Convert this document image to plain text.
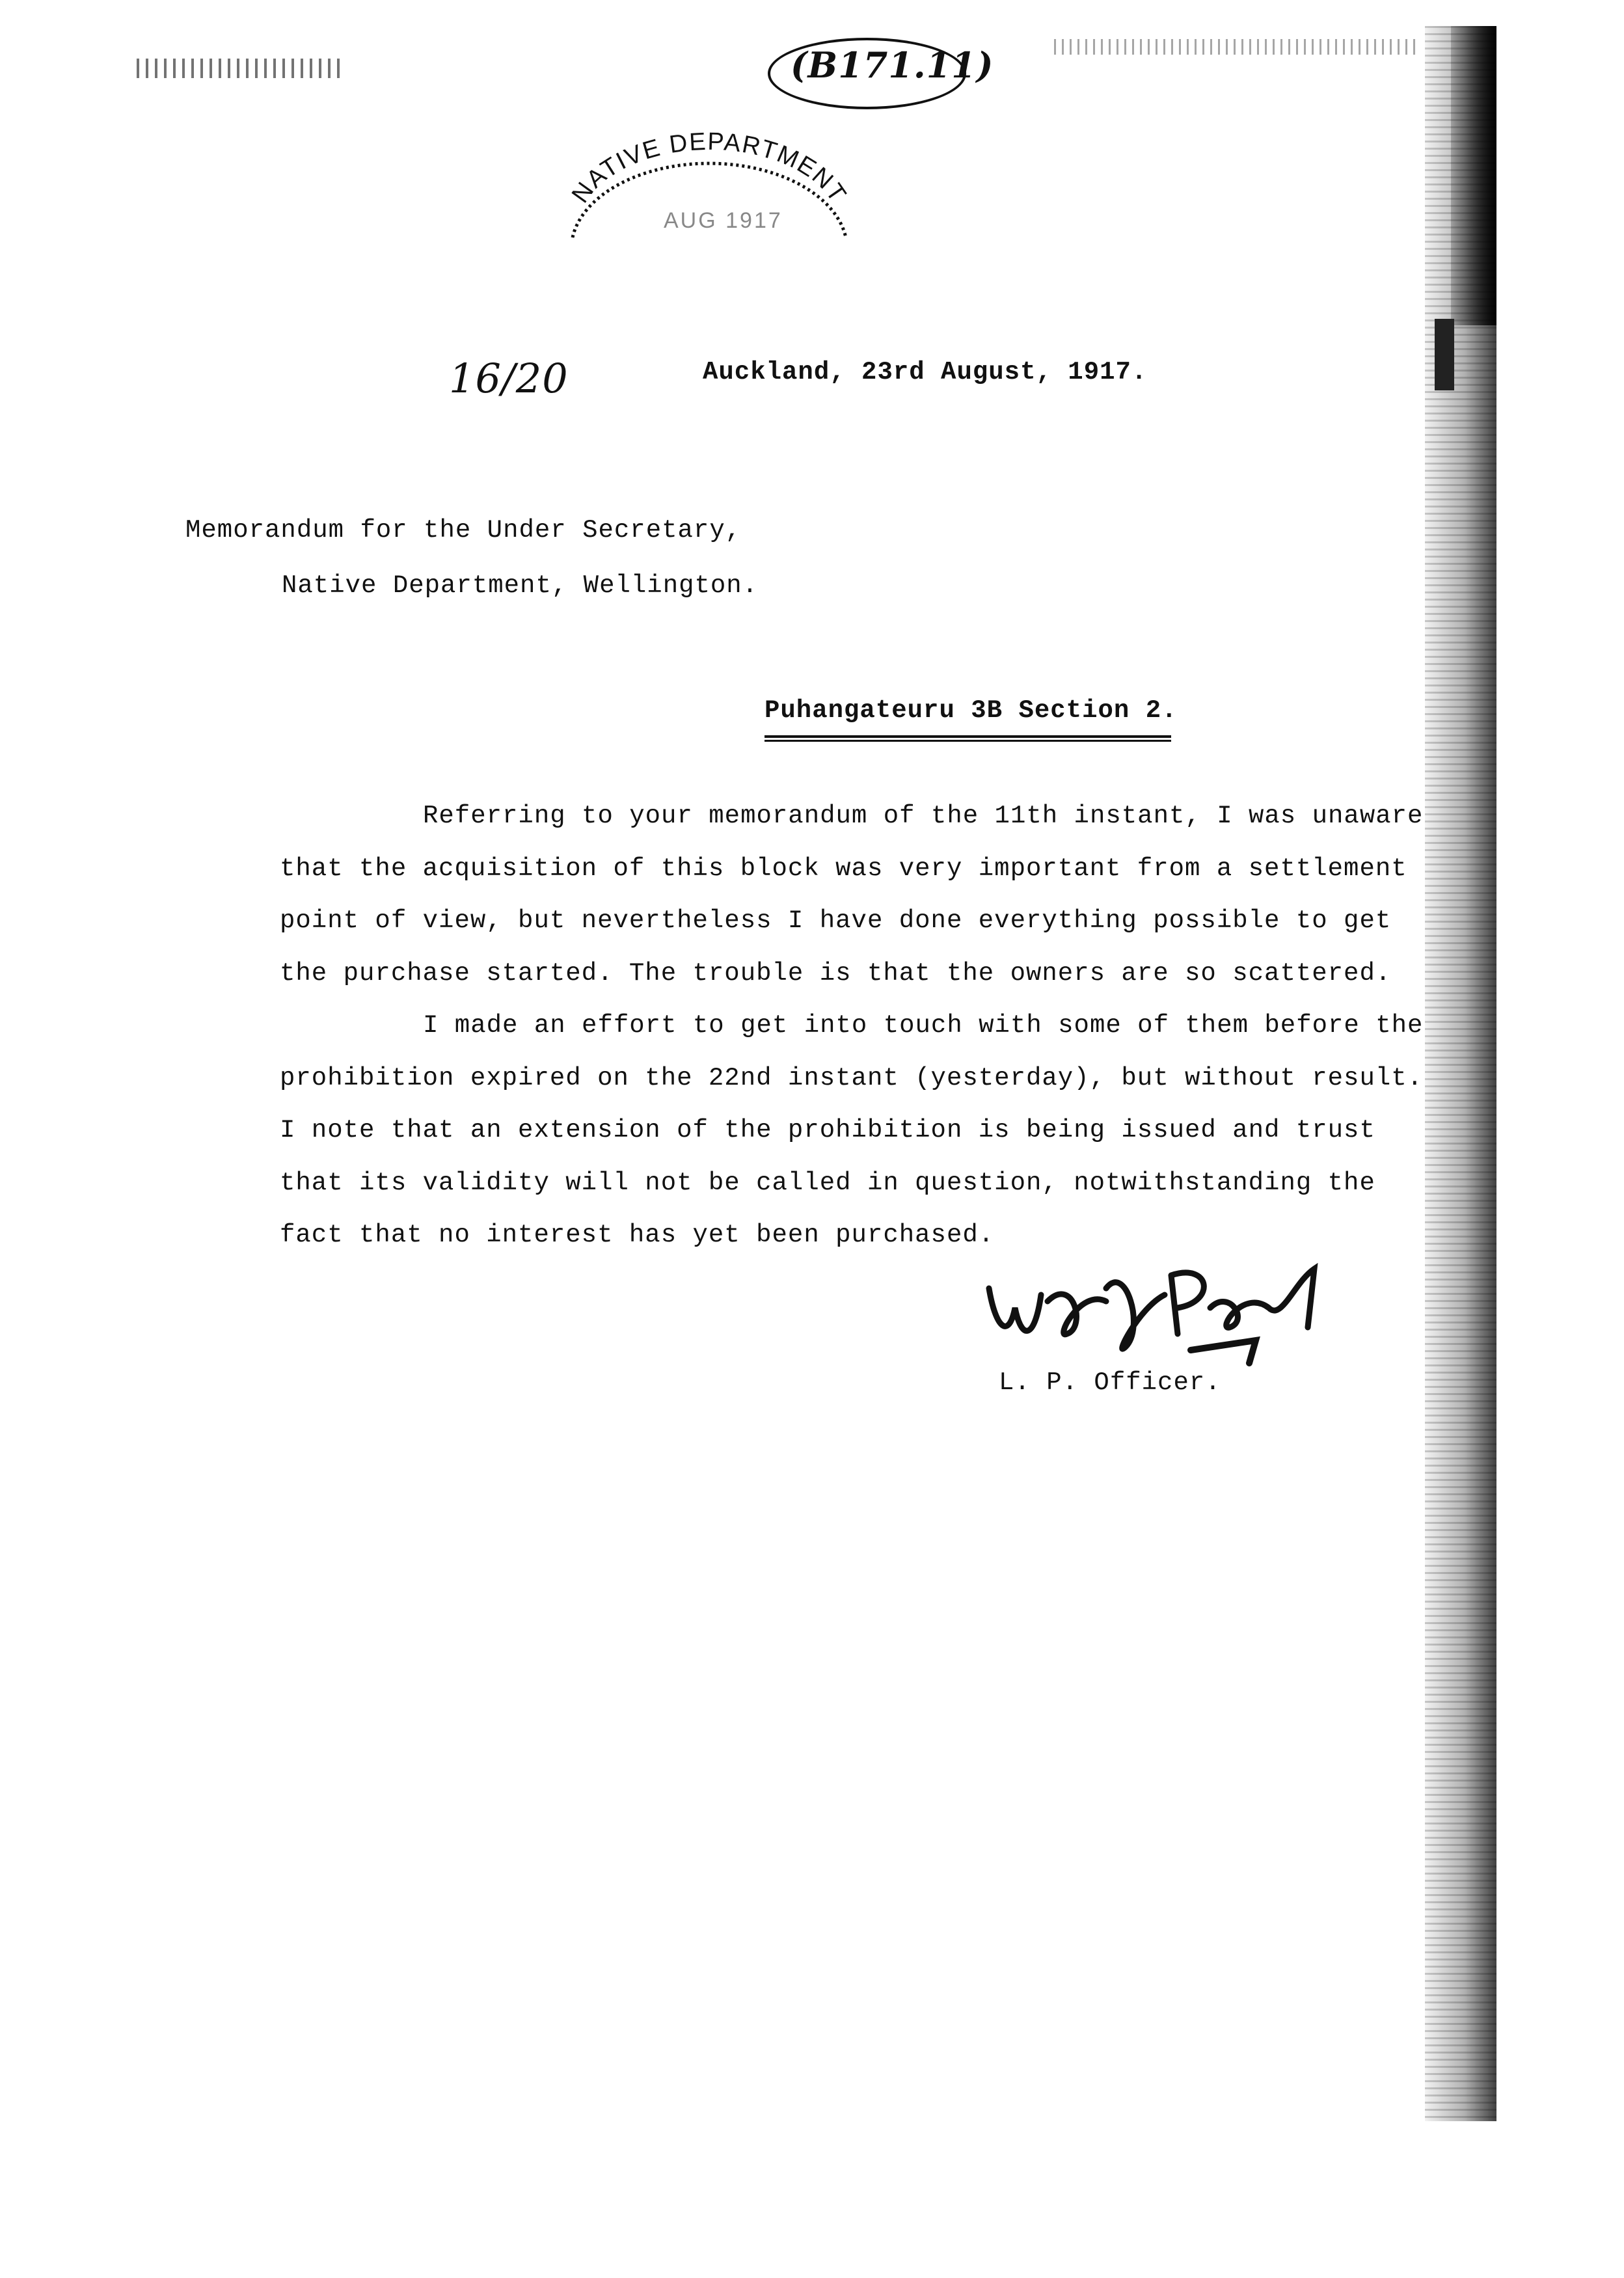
(B171.11)
NATIVE DEPARTMENT
AUG 1917
16/20	Auckland, 23rd August, 1917.
Memorandum for the Under Secretary,
Native Department, Wellington.
Puhangateuru 3B Section 2.
Referring to your memorandum of the 11th instant, I was unaware
that the acquisition of this block was very important from a settlement
point of view, but nevertheless I have done everything possible to get
the purchase started. The trouble is that the owners are so scattered.
I made an effort to get into touch with some of them before the
prohibition expired on the 22nd instant (yesterday), but without result.
I note that an extension of the prohibition is being issued and trust
that its validity will not be called in question, notwithstanding the
fact that no interest has yet been purchased.
L. P. Officer.
